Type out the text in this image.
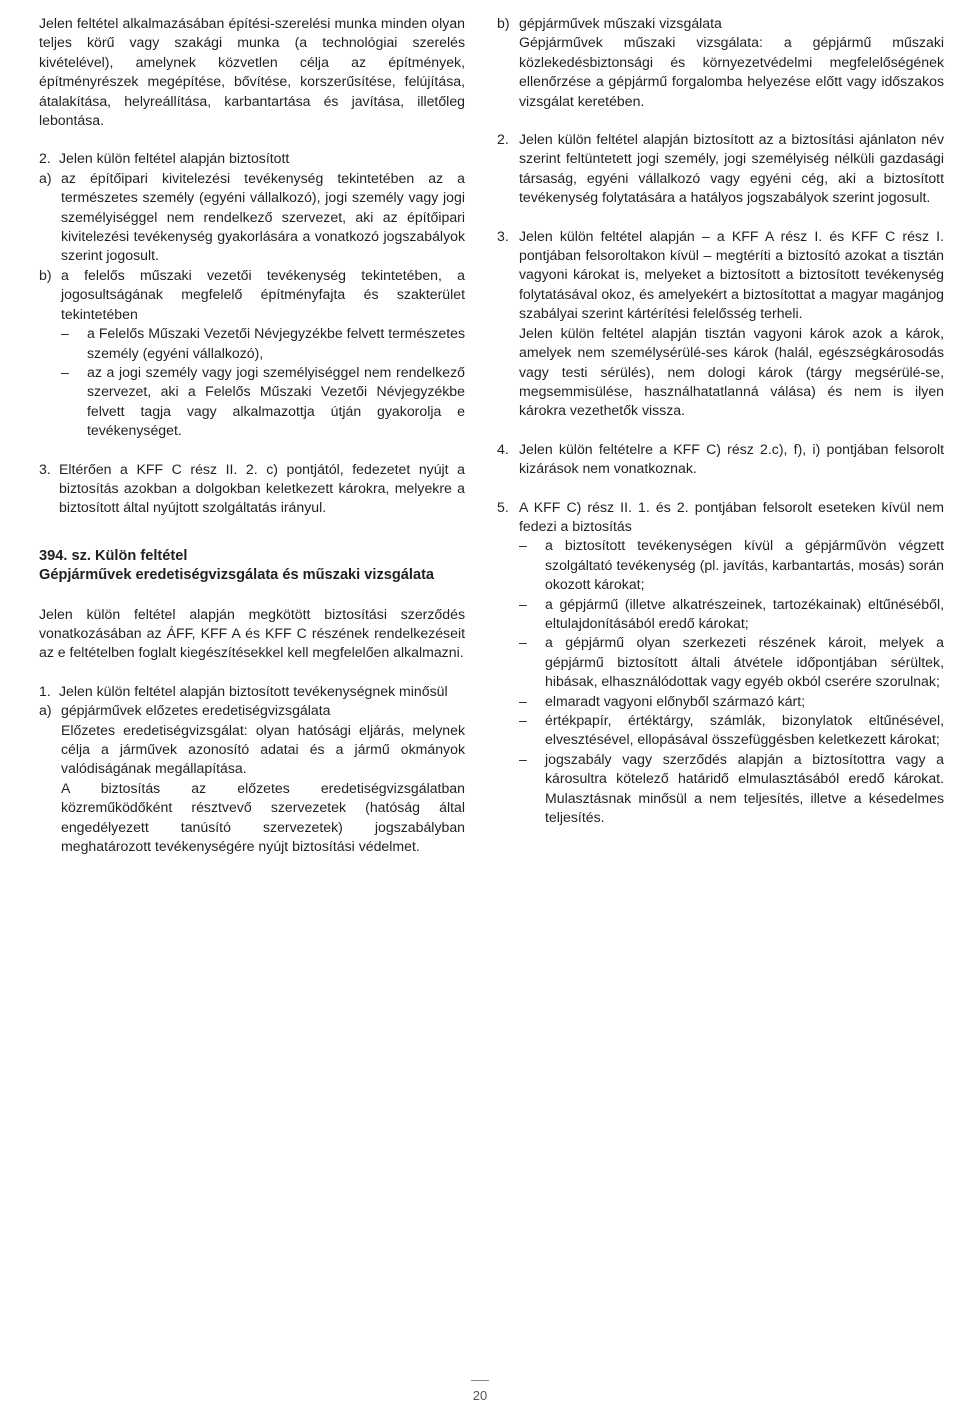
Jelen feltétel alkalmazásában építési-szerelési munka minden olyan teljes körű vagy szakági munka (a technológiai szerelés kivételével), amelynek közvetlen célja az építmények, építményrészek megépítése, bővítése, korszerűsítése, felújítása, átalakítása, helyreállítása, karbantartása és javítása, illetőleg lebontása.

2. Jelen külön feltétel alapján biztosított
a) az építőipari kivitelezési tevékenység tekintetében az a természetes személy (egyéni vállalkozó), jogi személy vagy jogi személyiséggel nem rendelkező szervezet, aki az építőipari kivitelezési tevékenység gyakorlására a vonatkozó jogszabályok szerint jogosult.
b) a felelős műszaki vezetői tevékenység tekintetében, a jogosultságának megfelelő építményfajta és szakterület tekintetében

–	a Felelős Műszaki Vezetői Névjegyzékbe felvett természetes személy (egyéni vállalkozó),
–	az a jogi személy vagy jogi személyiséggel nem rendelkező szervezet, aki a Felelős Műszaki Vezetői Névjegyzékbe felvett tagja vagy alkalmazottja útján gyakorolja e tevékenységet.
3. Eltérően a KFF C rész II. 2. c) pontjától, fedezetet nyújt a biztosítás azokban a dolgokban keletkezett károkra, melyekre a biztosított által nyújtott szolgáltatás irányul.

394. sz. Külön feltétel

Gépjárművek eredetiségvizsgálata és műszaki vizsgálata

Jelen külön feltétel alapján megkötött biztosítási szerződés vonatkozásában az ÁFF, KFF A és KFF C részének rendelkezéseit az e feltételben foglalt kiegészítésekkel kell megfelelően alkalmazni.

1. Jelen külön feltétel alapján biztosított tevékenységnek minősül
a) gépjárművek előzetes eredetiségvizsgálata

Előzetes eredetiségvizsgálat: olyan hatósági eljárás, melynek célja a járművek azonosító adatai és a jármű okmányok valódiságának megállapítása.

A biztosítás az előzetes eredetiségvizsgálatban közreműködőként résztvevő szervezetek (hatóság által engedélyezett tanúsító szervezetek) jogszabályban meghatározott tevékenységére nyújt biztosítási védelmet.

b) gépjárművek műszaki vizsgálata

Gépjárművek műszaki vizsgálata: a gépjármű műszaki közlekedésbiztonsági és környezetvédelmi megfelelőségének ellenőrzése a gépjármű forgalomba helyezése előtt vagy időszakos vizsgálat keretében.

2. Jelen külön feltétel alapján biztosított az a biztosítási ajánlaton név szerint feltüntetett jogi személy, jogi személyiség nélküli gazdasági társaság, egyéni vállalkozó vagy egyéni cég, aki a biztosított tevékenység folytatására a hatályos jogszabályok szerint jogosult.
3. Jelen külön feltétel alapján – a KFF A rész I. és KFF C rész I. pontjában felsoroltakon kívül – megtéríti a biztosító azokat a tisztán vagyoni károkat is, melyeket a biztosított a biztosított tevékenység folytatásával okoz, és amelyekért a biztosítottat a magyar magánjog szabályai szerint kártérítési felelősség terheli.

Jelen külön feltétel alapján tisztán vagyoni károk azok a károk, amelyek nem személysérülé-ses károk (halál, egészségkárosodás vagy testi sérülés), nem dologi károk (tárgy megsérülé-se, megsemmisülése, használhatatlanná válása) és nem is ilyen károkra vezethetők vissza.

4. Jelen külön feltételre a KFF C) rész 2.c), f), i) pontjában felsorolt kizárások nem vonatkoznak.
5. A KFF C) rész II. 1. és 2. pontjában felsorolt eseteken kívül nem fedezi a biztosítás

–	a biztosított tevékenységen kívül a gépjárművön végzett szolgáltató tevékenység (pl. javítás, karbantartás, mosás) során okozott károkat;
–	a gépjármű (illetve alkatrészeinek, tartozékainak) eltűnéséből, eltulajdonításából eredő károkat;
–	a gépjármű olyan szerkezeti részének károit, melyek a gépjármű biztosított általi átvétele időpontjában sérültek, hibásak, elhasználódottak vagy egyéb okból cserére szorulnak;
–	elmaradt vagyoni előnyből származó kárt;
–	értékpapír, értéktárgy, számlák, bizonylatok eltűnésével, elvesztésével, ellopásával összefüggésben keletkezett károkat;
–	jogszabály vagy szerződés alapján a biztosítottra vagy a károsultra kötelező határidő elmulasztásából eredő károkat. Mulasztásnak minősül a nem teljesítés, illetve a késedelmes teljesítés.
20
